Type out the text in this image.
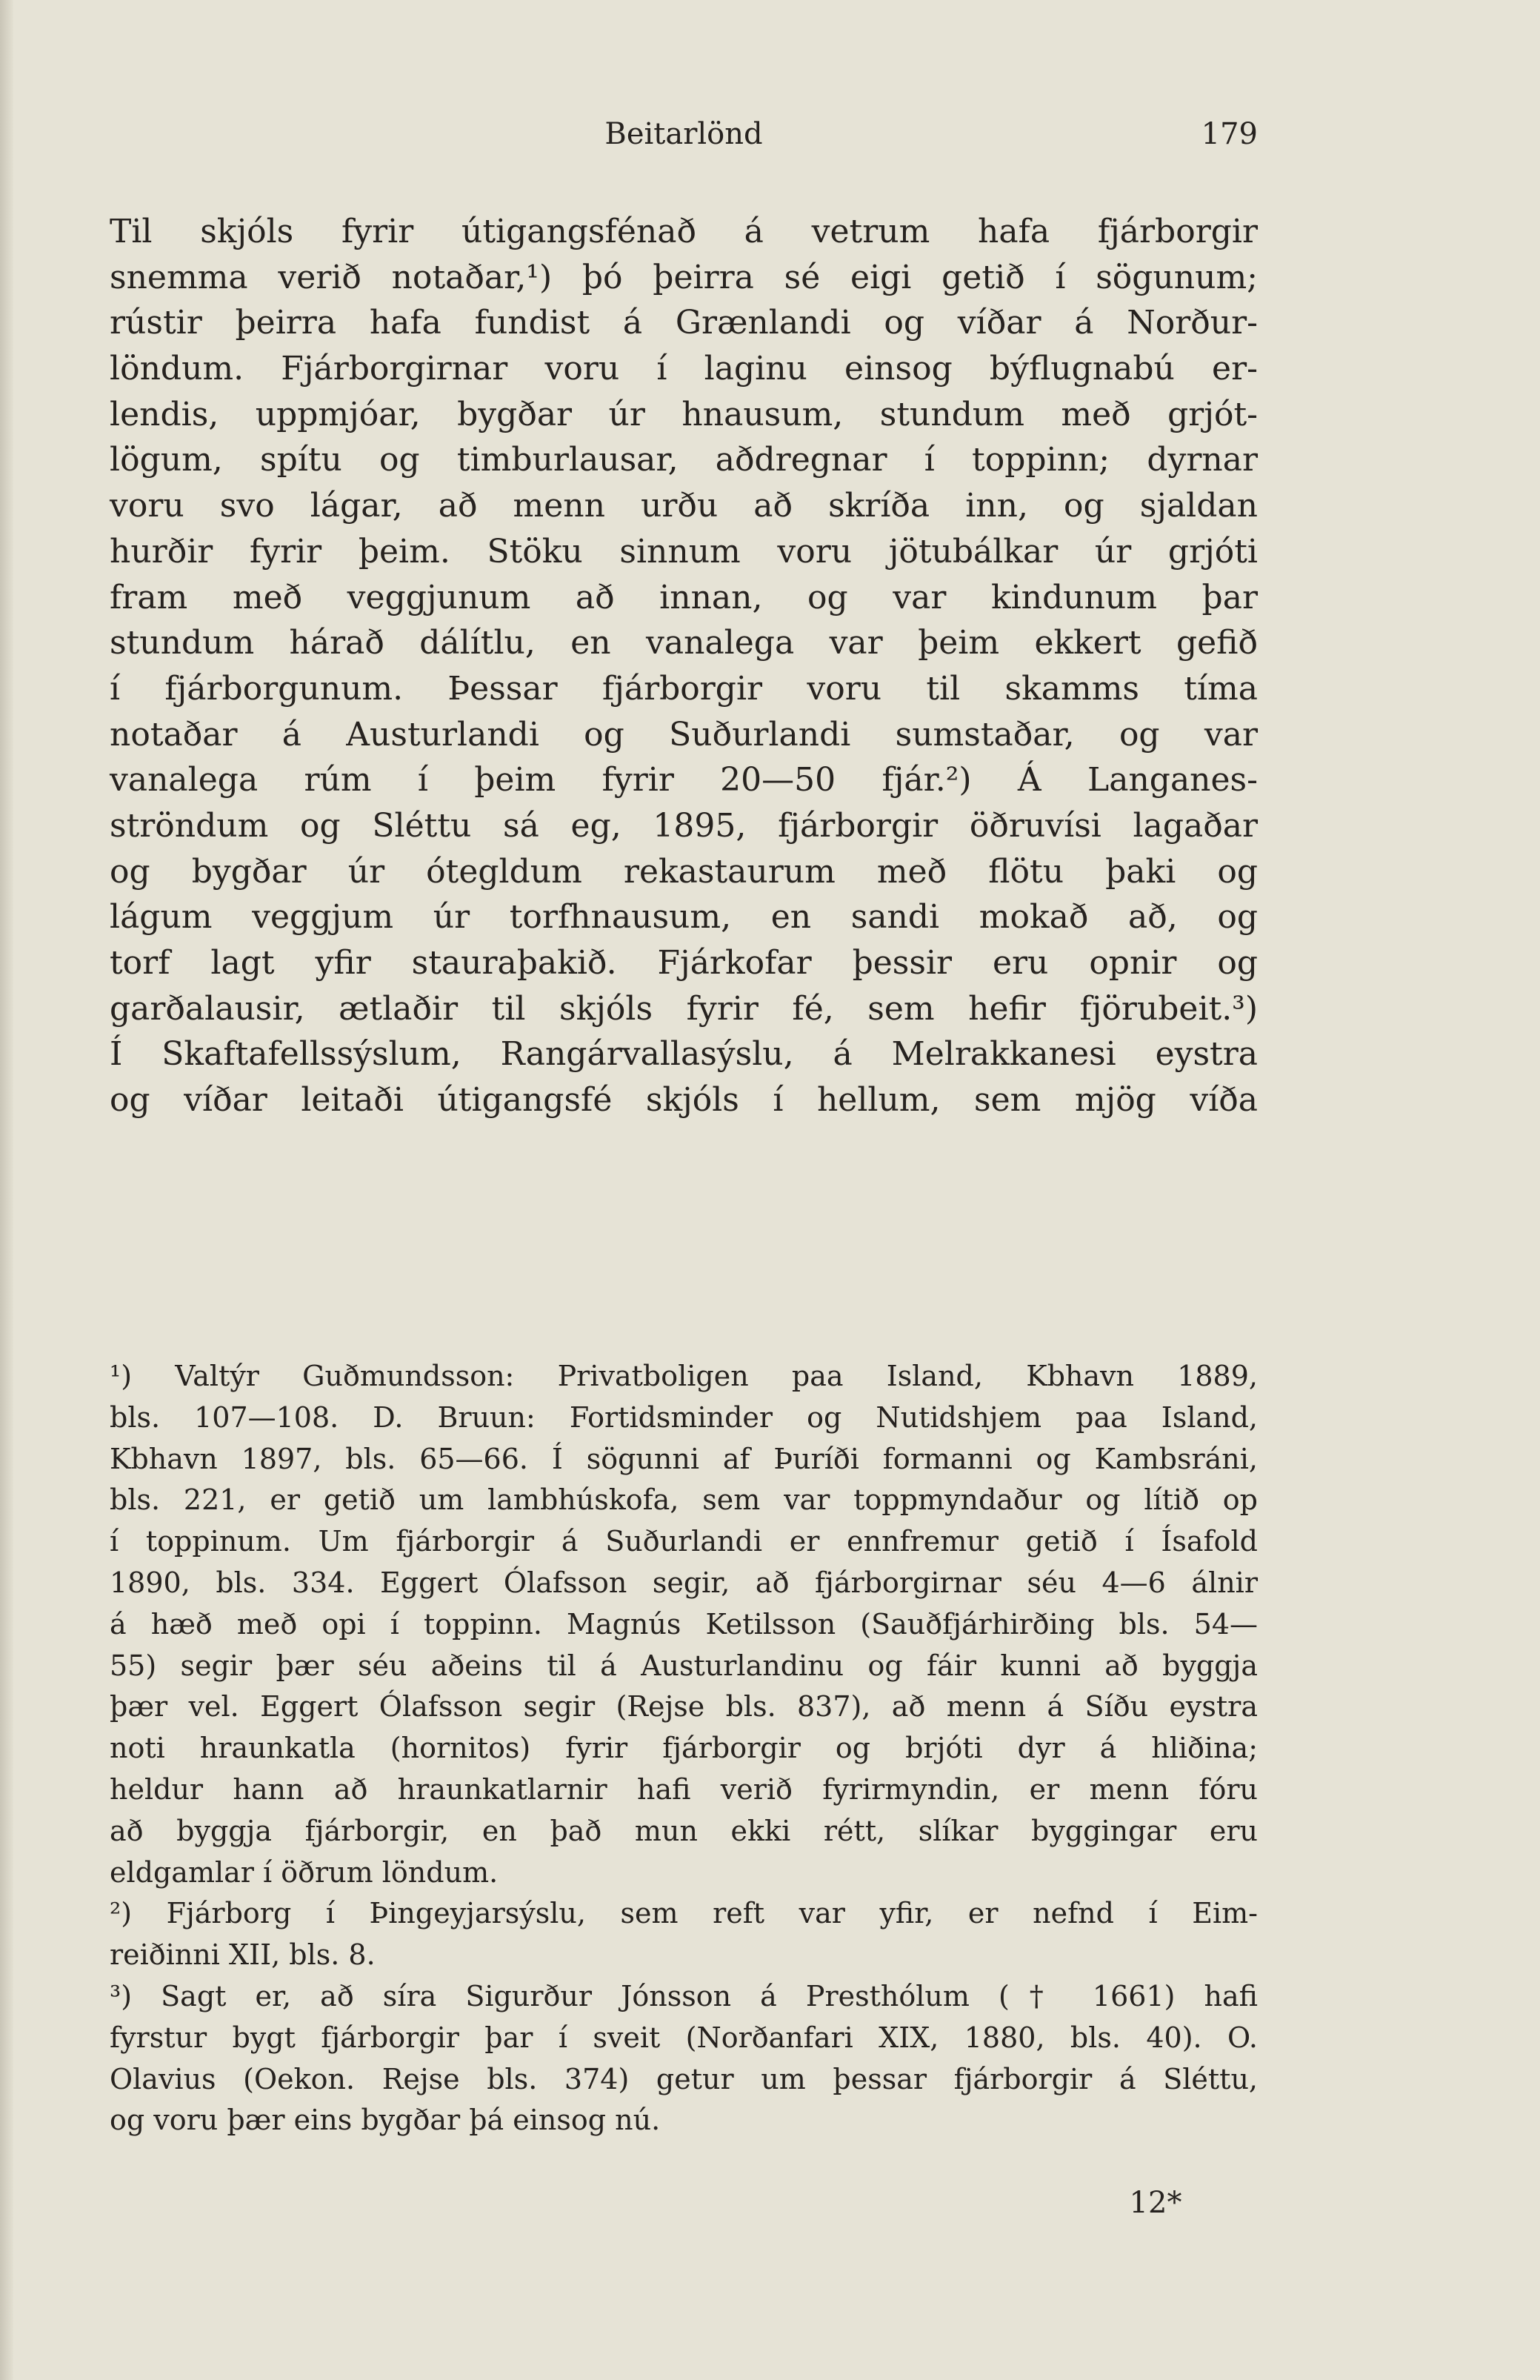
Beitarlönd	179
Til skjóls fyrir útigangsfénað á vetrum hafa fjárborgir
snemma verið notaðar,¹) þó þeirra sé eigi getið í sögunum;
rústir þeirra hafa fundist á Grænlandi og víðar á Norður-
löndum. Fjárborgirnar voru í laginu einsog býflugnabú er-
lendis, uppmjóar, bygðar úr hnausum, stundum með grjót-
lögum, spítu og timburlausar, aðdregnar í toppinn; dyrnar
voru svo lágar, að menn urðu að skríða inn, og sjaldan
hurðir fyrir þeim. Stöku sinnum voru jötubálkar úr grjóti
fram með veggjunum að innan, og var kindunum þar
stundum hárað dálítlu, en vanalega var þeim ekkert gefið
í fjárborgunum. Þessar fjárborgir voru til skamms tíma
notaðar á Austurlandi og Suðurlandi sumstaðar, og var
vanalega rúm í þeim fyrir 20—50 fjár.²) Á Langanes-
ströndum og Sléttu sá eg, 1895, fjárborgir öðruvísi lagaðar
og bygðar úr ótegldum rekastaurum með flötu þaki og
lágum veggjum úr torfhnausum, en sandi mokað að, og
torf lagt yfir staurаþakið. Fjárkofar þessir eru opnir og
garðalausir, ætlaðir til skjóls fyrir fé, sem hefir fjörubeit.³)
Í Skaftafellssýslum, Rangárvallasýslu, á Melrakkanesi eystra
og víðar leitaði útigangsfé skjóls í hellum, sem mjög víða
¹) Valtýr Guðmundsson: Privatboligen paa Island, Kbhavn 1889,
bls. 107—108. D. Bruun: Fortidsminder og Nutidshjem paa Island,
Kbhavn 1897, bls. 65—66. Í sögunni af Þuríði formanni og Kambsráni,
bls. 221, er getið um lambhúskofa, sem var toppmyndaður og lítið op
í toppinum. Um fjárborgir á Suðurlandi er ennfremur getið í Ísafold
1890, bls. 334. Eggert Ólafsson segir, að fjárborgirnar séu 4—6 álnir
á hæð með opi í toppinn. Magnús Ketilsson (Sauðfjárhirðing bls. 54—
55) segir þær séu aðeins til á Austurlandinu og fáir kunni að byggja
þær vel. Eggert Ólafsson segir (Rejse bls. 837), að menn á Síðu eystra
noti hraunkatla (hornitos) fyrir fjárborgir og brjóti dyr á hliðina;
heldur hann að hraunkatlarnir hafi verið fyrirmyndin, er menn fóru
að byggja fjárborgir, en það mun ekki rétt, slíkar byggingar eru
eldgamlar í öðrum löndum.
²) Fjárborg í Þingeyjarsýslu, sem reft var yfir, er nefnd í Eim-
reiðinni XII, bls. 8.
³) Sagt er, að síra Sigurður Jónsson á Presthólum († 1661) hafi
fyrstur bygt fjárborgir þar í sveit (Norðanfari XIX, 1880, bls. 40). O.
Olavius (Oekon. Rejse bls. 374) getur um þessar fjárborgir á Sléttu,
og voru þær eins bygðar þá einsog nú.
12*
